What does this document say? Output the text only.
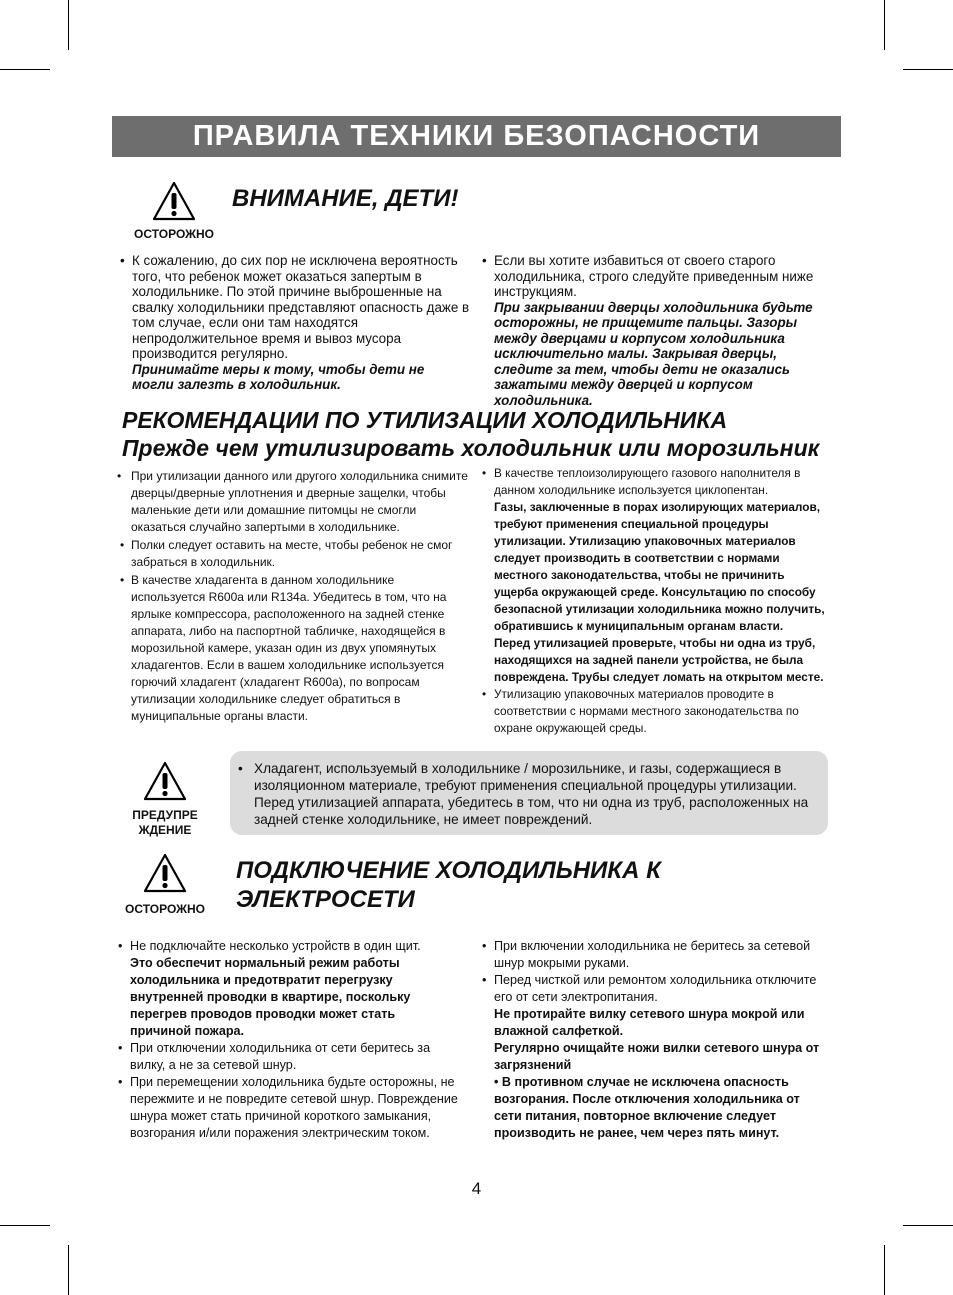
ПРАВИЛА ТЕХНИКИ БЕЗОПАСНОСТИ
ОСТОРОЖНО
ВНИМАНИЕ, ДЕТИ!
• К сожалению, до сих пор не исключена вероятность того, что ребенок может оказаться запертым в холодильнике. По этой причине выброшенные на свалку холодильники представляют опасность даже в том случае, если они там находятся непродолжительное время и вывоз мусора производится регулярно.
Принимайте меры к тому, чтобы дети не могли залезть в холодильник.
• Если вы хотите избавиться от своего старого холодильника, строго следуйте приведенным ниже инструкциям.
При закрывании дверцы холодильника будьте осторожны, не прищемите пальцы. Зазоры между дверцами и корпусом холодильника исключительно малы. Закрывая дверцы, следите за тем, чтобы дети не оказались зажатыми между дверцей и корпусом холодильника.
РЕКОМЕНДАЦИИ ПО УТИЛИЗАЦИИ ХОЛОДИЛЬНИКА
Прежде чем утилизировать холодильник или морозильник
• При утилизации данного или другого холодильника снимите дверцы/дверные уплотнения и дверные защелки, чтобы маленькие дети или домашние питомцы не смогли оказаться случайно запертыми в холодильнике.
• Полки следует оставить на месте, чтобы ребенок не смог забраться в холодильник.
• В качестве хладагента в данном холодильнике используется R600a или R134a. Убедитесь в том, что на ярлыке компрессора, расположенного на задней стенке аппарата, либо на паспортной табличке, находящейся в морозильной камере, указан один из двух упомянутых хладагентов. Если в вашем холодильнике используется горючий хладагент (хладагент R600a), по вопросам утилизации холодильнике следует обратиться в муниципальные органы власти.
• В качестве теплоизолирующего газового наполнителя в данном холодильнике используется циклопентан.
Газы, заключенные в порах изолирующих материалов, требуют применения специальной процедуры утилизации. Утилизацию упаковочных материалов следует производить в соответствии с нормами местного законодательства, чтобы не причинить ущерба окружающей среде. Консультацию по способу безопасной утилизации холодильника можно получить, обратившись к муниципальным органам власти.
Перед утилизацией проверьте, чтобы ни одна из труб, находящихся на задней панели устройства, не была повреждена. Трубы следует ломать на открытом месте.
• Утилизацию упаковочных материалов проводите в соответствии с нормами местного законодательства по охране окружающей среды.
ПРЕДУПРЕ
ЖДЕНИЕ
• Хладагент, используемый в холодильнике / морозильнике, и газы, содержащиеся в изоляционном материале, требуют применения специальной процедуры утилизации. Перед утилизацией аппарата, убедитесь в том, что ни одна из труб, расположенных на задней стенке холодильнике, не имеет повреждений.
ОСТОРОЖНО
ПОДКЛЮЧЕНИЕ ХОЛОДИЛЬНИКА К
ЭЛЕКТРОСЕТИ
• Не подключайте несколько устройств в один щит.
Это обеспечит нормальный режим работы холодильника и предотвратит перегрузку внутренней проводки в квартире, поскольку перегрев проводов проводки может стать причиной пожара.
• При отключении холодильника от сети беритесь за вилку, а не за сетевой шнур.
• При перемещении холодильника будьте осторожны, не пережмите и не повредите сетевой шнур. Повреждение шнура может стать причиной короткого замыкания, возгорания и/или поражения электрическим током.
• При включении холодильника не беритесь за сетевой шнур мокрыми руками.
• Перед чисткой или ремонтом холодильника отключите его от сети электропитания.
Не протирайте вилку сетевого шнура мокрой или влажной салфеткой.
Регулярно очищайте ножи вилки сетевого шнура от загрязнений
• В противном случае не исключена опасность возгорания. После отключения холодильника от сети питания, повторное включение следует производить не ранее, чем через пять минут.
4
